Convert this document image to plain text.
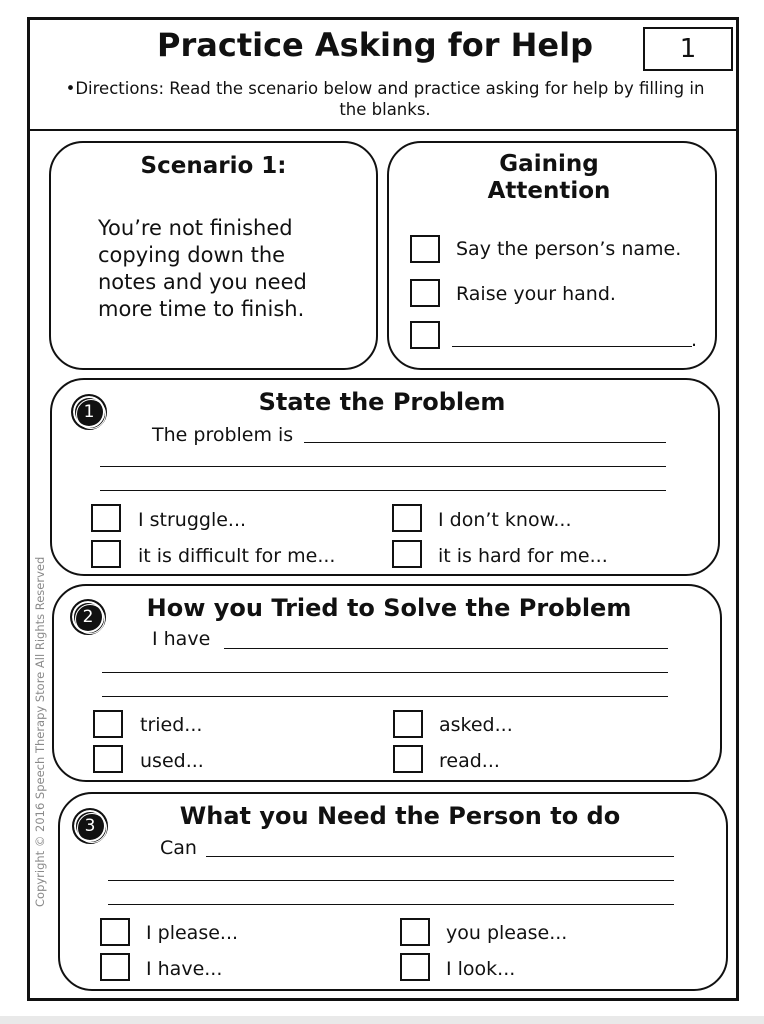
Practice Asking for Help	1
•Directions: Read the scenario below and practice asking for help by filling in the blanks.
Scenario 1:
You’re not finished copying down the notes and you need more time to finish.
Gaining Attention
Say the person’s name.
Raise your hand.
.
1	State the Problem
The problem is
I struggle...	I don’t know...
it is difficult for me...	it is hard for me...
2	How you Tried to Solve the Problem
I have
tried...	asked...
used...	read...
3	What you Need the Person to do
Can
I please...	you please...
I have...	I look...
Copyright © 2016 Speech Therapy Store All Rights Reserved
